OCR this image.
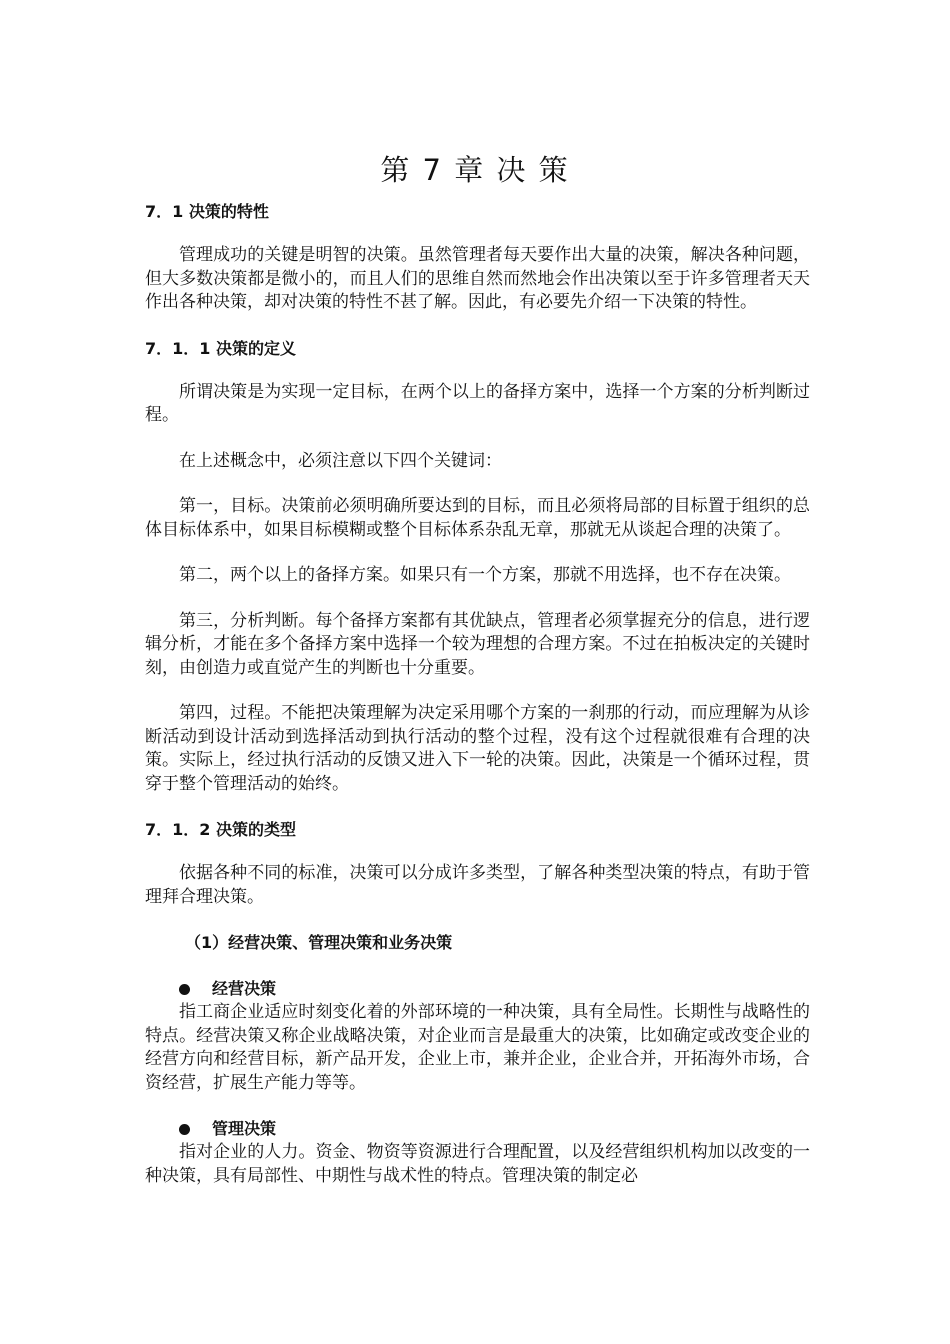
第 7 章 决 策

7．1 决策的特性

管理成功的关键是明智的决策。虽然管理者每天要作出大量的决策，解决各种问题，但大多数决策都是微小的，而且人们的思维自然而然地会作出决策以至于许多管理者天天作出各种决策，却对决策的特性不甚了解。因此，有必要先介绍一下决策的特性。

7．1．1 决策的定义

所谓决策是为实现一定目标，在两个以上的备择方案中，选择一个方案的分析判断过程。

在上述概念中，必须注意以下四个关键词：

第一，目标。决策前必须明确所要达到的目标，而且必须将局部的目标置于组织的总体目标体系中，如果目标模糊或整个目标体系杂乱无章，那就无从谈起合理的决策了。

第二，两个以上的备择方案。如果只有一个方案，那就不用选择，也不存在决策。

第三，分析判断。每个备择方案都有其优缺点，管理者必须掌握充分的信息，进行逻辑分析，才能在多个备择方案中选择一个较为理想的合理方案。不过在拍板决定的关键时刻，由创造力或直觉产生的判断也十分重要。

第四，过程。不能把决策理解为决定采用哪个方案的一刹那的行动，而应理解为从诊断活动到设计活动到选择活动到执行活动的整个过程，没有这个过程就很难有合理的决策。实际上，经过执行活动的反馈又进入下一轮的决策。因此，决策是一个循环过程，贯穿于整个管理活动的始终。

7．1．2 决策的类型

依据各种不同的标准，决策可以分成许多类型，了解各种类型决策的特点，有助于管理拜合理决策。

（1）经营决策、管理决策和业务决策

经营决策

指工商企业适应时刻变化着的外部环境的一种决策，具有全局性。长期性与战略性的特点。经营决策又称企业战略决策，对企业而言是最重大的决策，比如确定或改变企业的经营方向和经营目标，新产品开发，企业上市，兼并企业，企业合并，开拓海外市场，合资经营，扩展生产能力等等。

管理决策

指对企业的人力。资金、物资等资源进行合理配置，以及经营组织机构加以改变的一种决策，具有局部性、中期性与战术性的特点。管理决策的制定必
